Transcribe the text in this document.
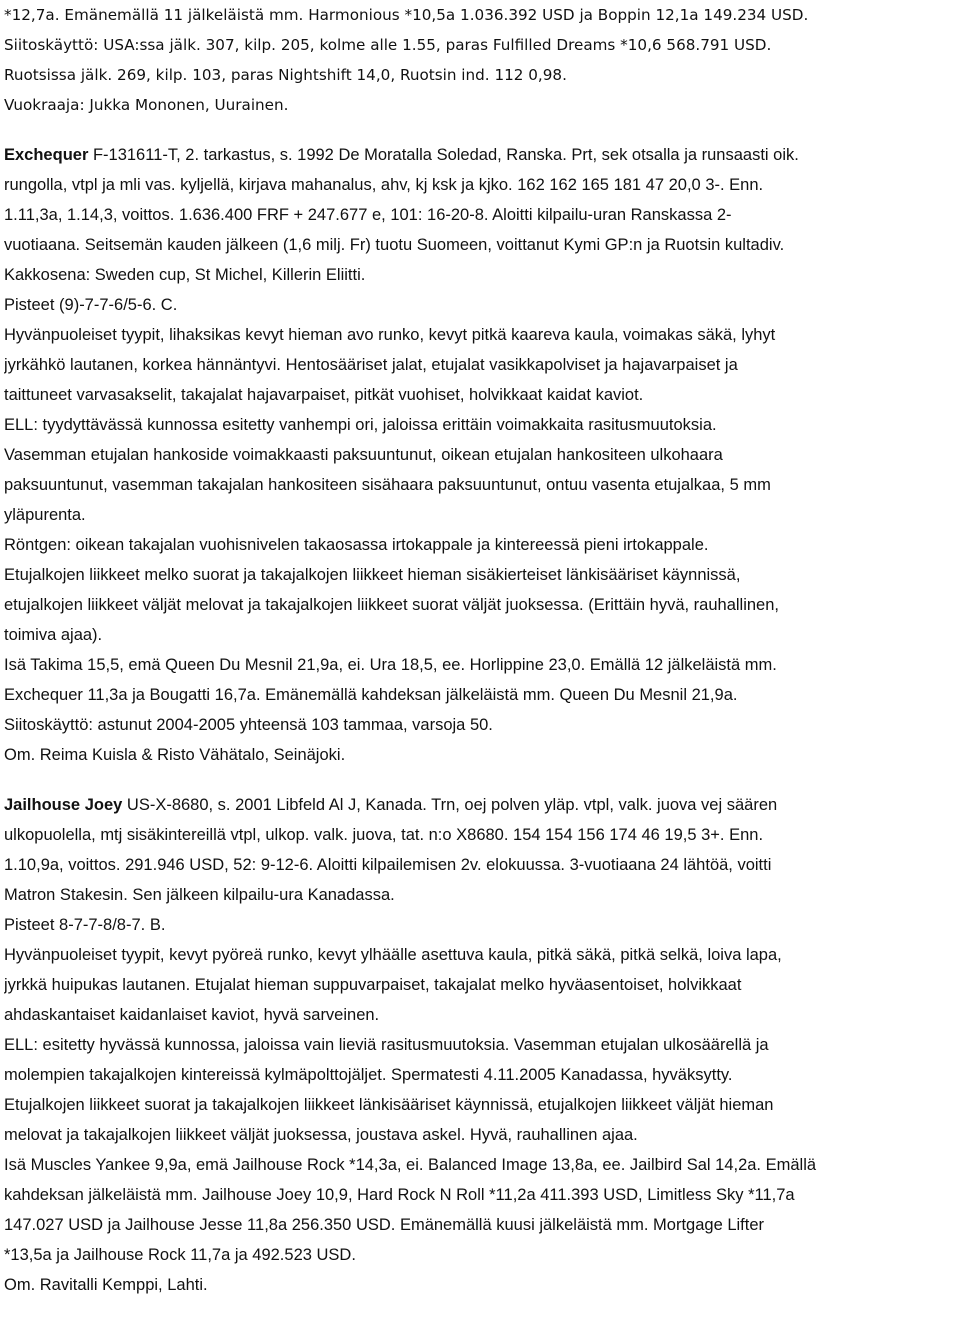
*12,7a. Emänemällä 11 jälkeläistä mm. Harmonious *10,5a 1.036.392 USD ja Boppin 12,1a 149.234 USD.
Siitoskäyttö: USA:ssa jälk. 307, kilp. 205, kolme alle 1.55, paras Fulfilled Dreams *10,6 568.791 USD.
Ruotsissa jälk. 269, kilp. 103, paras Nightshift 14,0, Ruotsin ind. 112 0,98.
Vuokraaja: Jukka Mononen, Uurainen.
Exchequer F-131611-T, 2. tarkastus, s. 1992 De Moratalla Soledad, Ranska. Prt, sek otsalla ja runsaasti oik.
rungolla, vtpl ja mli vas. kyljellä, kirjava mahanalus, ahv, kj ksk ja kjko. 162 162 165 181 47 20,0 3-. Enn.
1.11,3a, 1.14,3, voittos. 1.636.400 FRF + 247.677 e, 101: 16-20-8. Aloitti kilpailu-uran Ranskassa 2-
vuotiaana. Seitsemän kauden jälkeen (1,6 milj. Fr) tuotu Suomeen, voittanut Kymi GP:n ja Ruotsin kultadiv.
Kakkosena: Sweden cup, St Michel, Killerin Eliitti.
Pisteet (9)-7-7-6/5-6. C.
Hyvänpuoleiset tyypit, lihaksikas kevyt hieman avo runko, kevyt pitkä kaareva kaula, voimakas säkä, lyhyt
jyrkähkö lautanen, korkea hännäntyvi. Hentosääriset jalat, etujalat vasikkapolviset ja hajavarpaiset ja
taittuneet varvasakselit, takajalat hajavarpaiset, pitkät vuohiset, holvikkaat kaidat kaviot.
ELL: tyydyttävässä kunnossa esitetty vanhempi ori, jaloissa erittäin voimakkaita rasitusmuutoksia.
Vasemman etujalan hankoside voimakkaasti paksuuntunut, oikean etujalan hankositeen ulkohaara
paksuuntunut, vasemman takajalan hankositeen sisähaara paksuuntunut, ontuu vasenta etujalkaa, 5 mm
yläpurenta.
Röntgen: oikean takajalan vuohisnivelen takaosassa irtokappale ja kintereessä pieni irtokappale.
Etujalkojen liikkeet melko suorat ja takajalkojen liikkeet hieman sisäkierteiset länkisääriset käynnissä,
etujalkojen liikkeet väljät melovat ja takajalkojen liikkeet suorat väljät juoksessa. (Erittäin hyvä, rauhallinen,
toimiva ajaa).
Isä Takima 15,5, emä Queen Du Mesnil 21,9a, ei. Ura 18,5, ee. Horlippine 23,0. Emällä 12 jälkeläistä mm.
Exchequer 11,3a ja Bougatti 16,7a. Emänemällä kahdeksan jälkeläistä mm. Queen Du Mesnil 21,9a.
Siitoskäyttö: astunut 2004-2005 yhteensä 103 tammaa, varsoja 50.
Om. Reima Kuisla & Risto Vähätalo, Seinäjoki.
Jailhouse Joey US-X-8680, s. 2001 Libfeld Al J, Kanada. Trn, oej polven yläp. vtpl, valk. juova vej säären
ulkopuolella, mtj sisäkintereillä vtpl, ulkop. valk. juova, tat. n:o X8680. 154 154 156 174 46 19,5 3+. Enn.
1.10,9a, voittos. 291.946 USD, 52: 9-12-6. Aloitti kilpailemisen 2v. elokuussa. 3-vuotiaana 24 lähtöä, voitti
Matron Stakesin. Sen jälkeen kilpailu-ura Kanadassa.
Pisteet 8-7-7-8/8-7. B.
Hyvänpuoleiset tyypit, kevyt pyöreä runko, kevyt ylhäälle asettuva kaula, pitkä säkä, pitkä selkä, loiva lapa,
jyrkkä huipukas lautanen. Etujalat hieman suppuvarpaiset, takajalat melko hyväasentoiset, holvikkaat
ahdaskantaiset kaidanlaiset kaviot, hyvä sarveinen.
ELL: esitetty hyvässä kunnossa, jaloissa vain lieviä rasitusmuutoksia. Vasemman etujalan ulkosäärellä ja
molempien takajalkojen kintereissä kylmäpolttojäljet. Spermatesti 4.11.2005 Kanadassa, hyväksytty.
Etujalkojen liikkeet suorat ja takajalkojen liikkeet länkisääriset käynnissä, etujalkojen liikkeet väljät hieman
melovat ja takajalkojen liikkeet väljät juoksessa, joustava askel. Hyvä, rauhallinen ajaa.
Isä Muscles Yankee 9,9a, emä Jailhouse Rock *14,3a, ei. Balanced Image 13,8a, ee. Jailbird Sal 14,2a. Emällä
kahdeksan jälkeläistä mm. Jailhouse Joey 10,9, Hard Rock N Roll *11,2a 411.393 USD, Limitless Sky *11,7a
147.027 USD ja Jailhouse Jesse 11,8a 256.350 USD. Emänemällä kuusi jälkeläistä mm. Mortgage Lifter
*13,5a ja Jailhouse Rock 11,7a ja 492.523 USD.
Om. Ravitalli Kemppi, Lahti.
